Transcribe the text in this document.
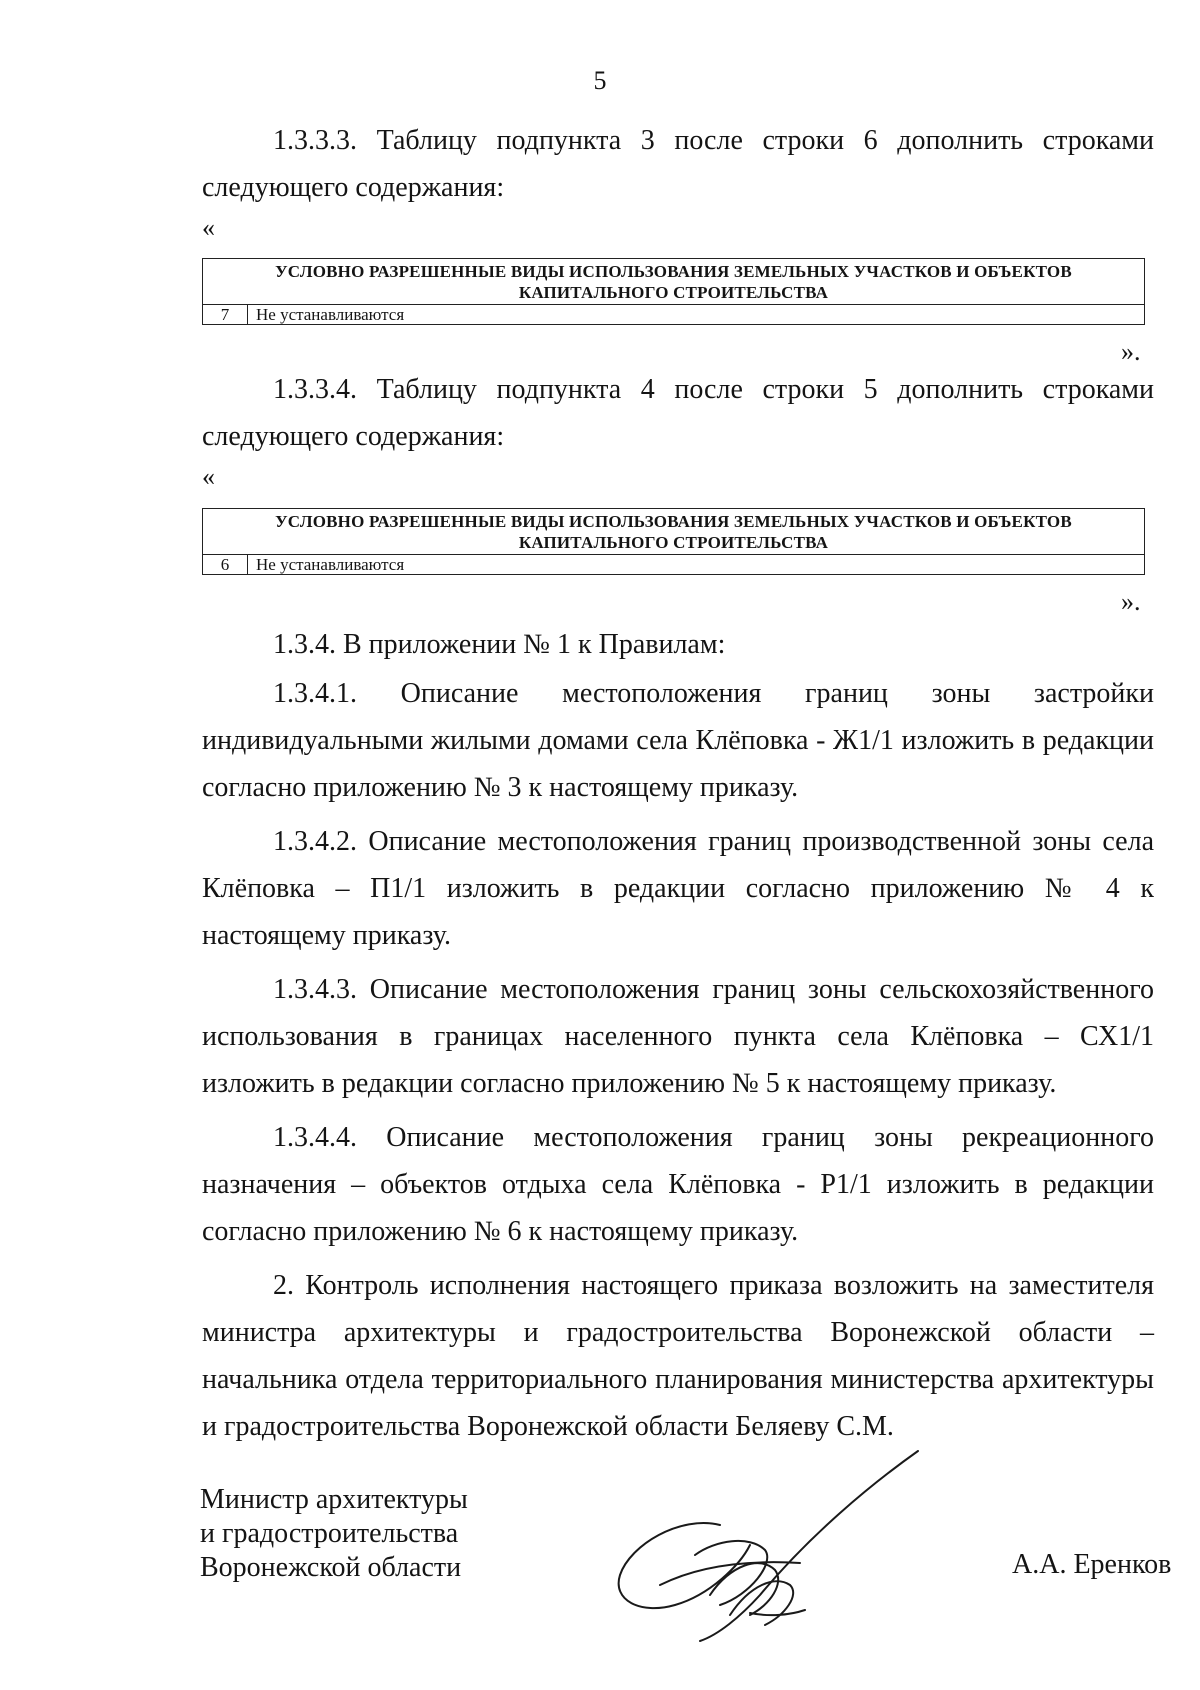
5

1.3.3.3. Таблицу подпункта 3 после строки 6 дополнить строками следующего содержания:

«
УСЛОВНО РАЗРЕШЕННЫЕ ВИДЫ ИСПОЛЬЗОВАНИЯ ЗЕМЕЛЬНЫХ УЧАСТКОВ И ОБЪЕКТОВ КАПИТАЛЬНОГО СТРОИТЕЛЬСТВА
7	Не устанавливаются
».

1.3.3.4. Таблицу подпункта 4 после строки 5 дополнить строками следующего содержания:

«
УСЛОВНО РАЗРЕШЕННЫЕ ВИДЫ ИСПОЛЬЗОВАНИЯ ЗЕМЕЛЬНЫХ УЧАСТКОВ И ОБЪЕКТОВ КАПИТАЛЬНОГО СТРОИТЕЛЬСТВА
6	Не устанавливаются
».

1.3.4. В приложении № 1 к Правилам:

1.3.4.1. Описание местоположения границ зоны застройки индивидуальными жилыми домами села Клёповка - Ж1/1 изложить в редакции согласно приложению № 3 к настоящему приказу.

1.3.4.2. Описание местоположения границ производственной зоны села Клёповка – П1/1 изложить в редакции согласно приложению № 4 к настоящему приказу.

1.3.4.3. Описание местоположения границ зоны сельскохозяйственного использования в границах населенного пункта села Клёповка – СХ1/1 изложить в редакции согласно приложению № 5 к настоящему приказу.

1.3.4.4. Описание местоположения границ зоны рекреационного назначения – объектов отдыха села Клёповка - Р1/1 изложить в редакции согласно приложению № 6 к настоящему приказу.

2. Контроль исполнения настоящего приказа возложить на заместителя министра архитектуры и градостроительства Воронежской области – начальника отдела территориального планирования министерства архитектуры и градостроительства Воронежской области Беляеву С.М.

Министр архитектуры
и градостроительства
Воронежской области	А.А. Еренков
